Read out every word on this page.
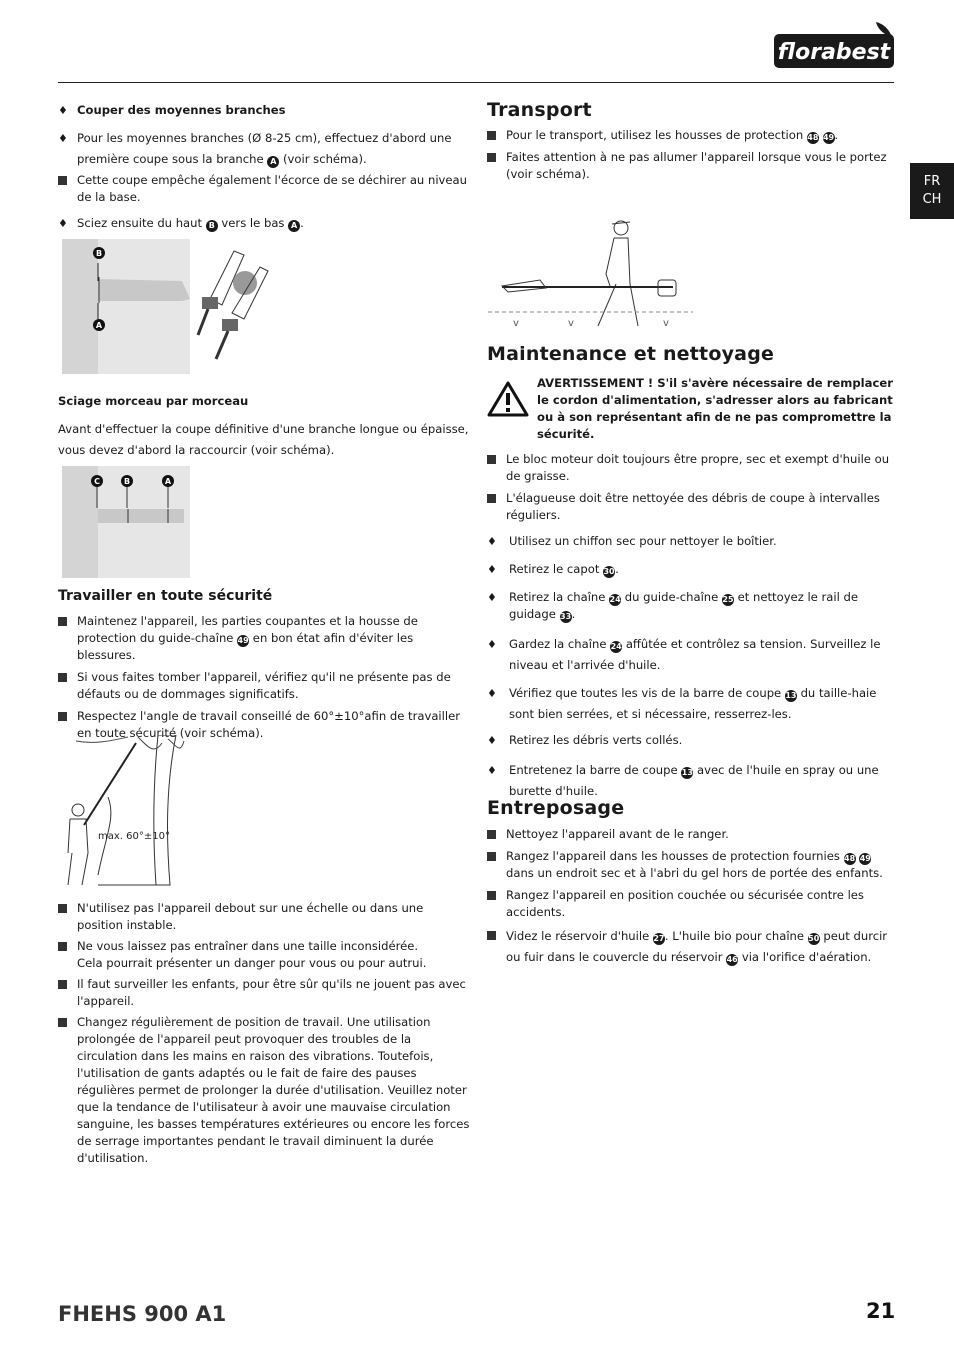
florabest
FR
CH
♦ Couper des moyennes branches
♦ Pour les moyennes branches (Ø 8-25 cm), effectuez d'abord une première coupe sous la branche A (voir schéma).
Cette coupe empêche également l'écorce de se déchirer au niveau de la base.
♦ Sciez ensuite du haut B vers le bas A .
B
A
Sciage morceau par morceau
Avant d'effectuer la coupe définitive d'une branche longue ou épaisse, vous devez d'abord la raccourcir (voir schéma).
C	B	A
Travailler en toute sécurité
Maintenez l'appareil, les parties coupantes et la housse de protection du guide-chaîne 49 en bon état afin d'éviter les blessures.
Si vous faites tomber l'appareil, vérifiez qu'il ne présente pas de défauts ou de dommages significatifs.
Respectez l'angle de travail conseillé de 60°±10°afin de travailler en toute sécurité (voir schéma).
max. 60°±10°
N'utilisez pas l'appareil debout sur une échelle ou dans une position instable.
Ne vous laissez pas entraîner dans une taille inconsidérée.
Cela pourrait présenter un danger pour vous ou pour autrui.
Il faut surveiller les enfants, pour être sûr qu'ils ne jouent pas avec l'appareil.
Changez régulièrement de position de travail. Une utilisation prolongée de l'appareil peut provoquer des troubles de la circulation dans les mains en raison des vibrations. Toutefois, l'utilisation de gants adaptés ou le fait de faire des pauses régulières permet de prolonger la durée d'utilisation. Veuillez noter que la tendance de l'utilisateur à avoir une mauvaise circulation sanguine, les basses températures extérieures ou encore les forces de serrage importantes pendant le travail diminuent la durée d'utilisation.
Transport
Pour le transport, utilisez les housses de protection 48 49.
Faites attention à ne pas allumer l'appareil lorsque vous le portez (voir schéma).
v	v	v
Maintenance et nettoyage
AVERTISSEMENT ! S'il s'avère nécessaire de remplacer le cordon d'alimentation, s'adresser alors au fabricant ou à son représentant afin de ne pas compromettre la sécurité.
Le bloc moteur doit toujours être propre, sec et exempt d'huile ou de graisse.
L'élagueuse doit être nettoyée des débris de coupe à intervalles réguliers.
♦ Utilisez un chiffon sec pour nettoyer le boîtier.
♦ Retirez le capot 30.
♦ Retirez la chaîne 24 du guide-chaîne 25 et nettoyez le rail de guidage 33.
♦ Gardez la chaîne 24 affûtée et contrôlez sa tension. Surveillez le niveau et l'arrivée d'huile.
♦ Vérifiez que toutes les vis de la barre de coupe 13 du taille-haie sont bien serrées, et si nécessaire, resserrez-les.
♦ Retirez les débris verts collés.
♦ Entretenez la barre de coupe 13 avec de l'huile en spray ou une burette d'huile.
Entreposage
Nettoyez l'appareil avant de le ranger.
Rangez l'appareil dans les housses de protection fournies 48 49 dans un endroit sec et à l'abri du gel hors de portée des enfants.
Rangez l'appareil en position couchée ou sécurisée contre les accidents.
Videz le réservoir d'huile 27. L'huile bio pour chaîne 50 peut durcir ou fuir dans le couvercle du réservoir 46 via l'orifice d'aération.
FHEHS 900 A1	21
